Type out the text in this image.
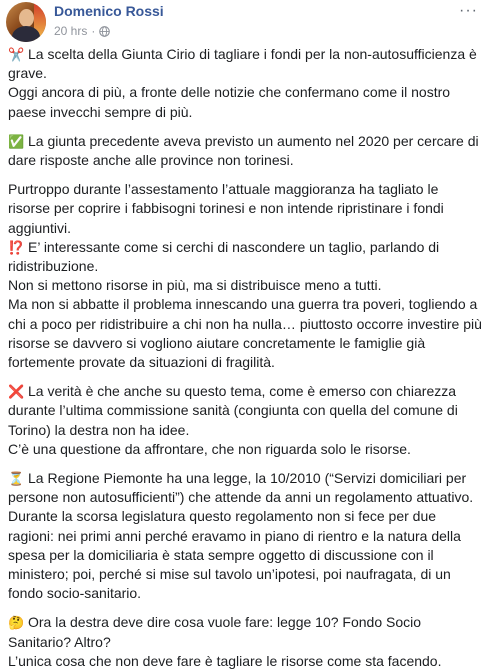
Domenico Rossi
20 hrs ·
···

✂️ La scelta della Giunta Cirio di tagliare i fondi per la non-autosufficienza è grave.
Oggi ancora di più, a fronte delle notizie che confermano come il nostro paese invecchi sempre di più.

✅ La giunta precedente aveva previsto un aumento nel 2020 per cercare di dare risposte anche alle province non torinesi.

Purtroppo durante l’assestamento l’attuale maggioranza ha tagliato le risorse per coprire i fabbisogni torinesi e non intende ripristinare i fondi aggiuntivi.

⁉️ E’ interessante come si cerchi di nascondere un taglio, parlando di ridistribuzione.
Non si mettono risorse in più, ma si distribuisce meno a tutti.
Ma non si abbatte il problema innescando una guerra tra poveri, togliendo a chi a poco per ridistribuire a chi non ha nulla… piuttosto occorre investire più risorse se davvero si vogliono aiutare concretamente le famiglie già fortemente provate da situazioni di fragilità.

❌ La verità è che anche su questo tema, come è emerso con chiarezza durante l’ultima commissione sanità (congiunta con quella del comune di Torino) la destra non ha idee.
C’è una questione da affrontare, che non riguarda solo le risorse.

⏳ La Regione Piemonte ha una legge, la 10/2010 (“Servizi domiciliari per persone non autosufficienti”) che attende da anni un regolamento attuativo.
Durante la scorsa legislatura questo regolamento non si fece per due ragioni: nei primi anni perché eravamo in piano di rientro e la natura della spesa per la domiciliaria è stata sempre oggetto di discussione con il ministero; poi, perché si mise sul tavolo un’ipotesi, poi naufragata, di un fondo socio-sanitario.

🤔 Ora la destra deve dire cosa vuole fare: legge 10? Fondo Socio Sanitario? Altro?
L’unica cosa che non deve fare è tagliare le risorse come sta facendo.
